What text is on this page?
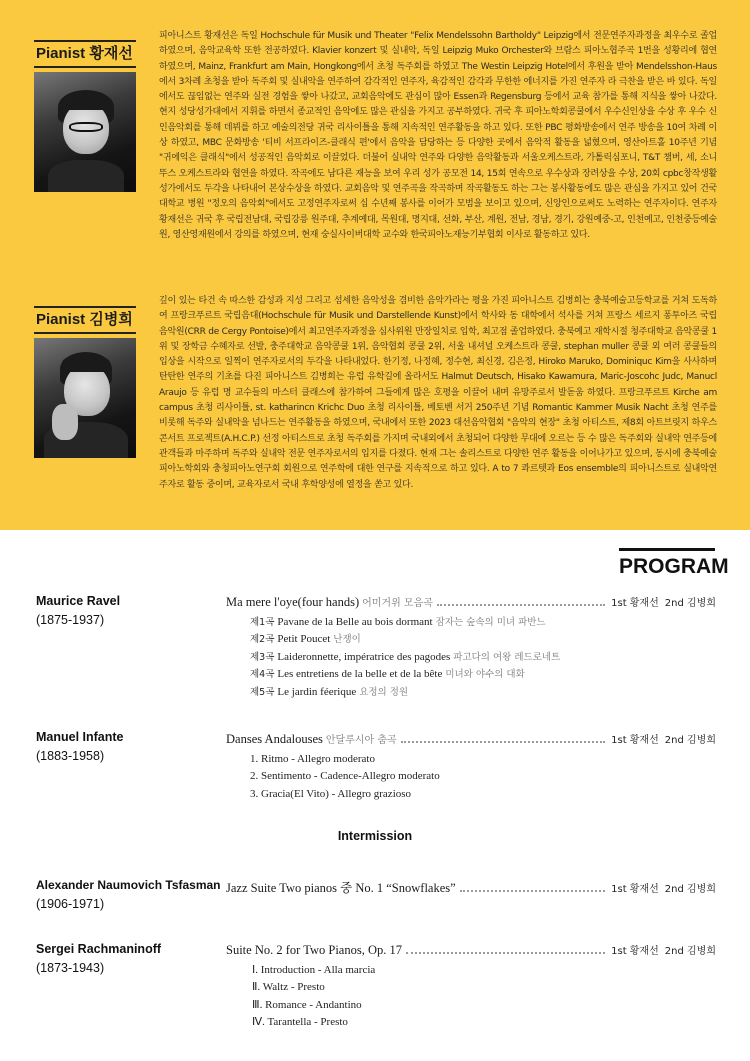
Pianist 황재선
피아니스트 황재선은 독일 Hochschule für Musik und Theater "Felix Mendelssohn Bartholdy" Leipzig에서 전문연주자과정을 최우수로 졸업하였으며, 음악교육학 또한 전공하였다. Klavier konzert 및 실내악, 독일 Leipzig Muko Orchester와 브람스 피아노협주곡 1번을 성황리에 협연 하였으며, Mainz, Frankfurt am Main, Hongkong에서 초청 독주회를 하였고 The Westin Leipzig Hotel에서 후원을 받아 Mendelsshon-Haus에서 3차례 초청을 받아 독주회 및 실내악을 연주하여 감각적인 연주자, 육감적인 감각과 무한한 에너지를 가진 연주자 라 극찬을 받은 바 있다. 독일에서도 끊임없는 연주와 실전 경험을 쌓아 나갔고, 교회음악에도 관심이 많아 Essen과 Regensburg 등에서 교육 참가를 통해 지식을 쌓아 나갔다. 현지 성당성가대에서 지휘를 하면서 종교적인 음악에도 많은 관심을 가지고 공부하였다. 귀국 후 피아노학회콩쿨에서 우수신인상을 수상 후 우수 신인음악회를 통해 데뷔를 하고 예술의전당 귀국 리사이틀을 통해 지속적인 연주활동을 하고 있다. 또한 PBC 평화방송에서 연주 방송을 10여 차례 이상 하였고, MBC 문화방송 '티비 서프라이즈-클래식 편'에서 음악을 담당하는 등 다양한 곳에서 음악적 활동을 넓혔으며, 영산아트홀 10주년 기념 "귀에익은 클래식"에서 성공적인 음악회로 이끌었다. 더불어 실내악 연주와 다양한 음악활동과 서울오케스트라, 가톨릭심포니, T&T 챔버, 세, 소니뚜스 오케스트라와 협연을 하였다. 작곡에도 남다른 재능을 보여 우리 성가 공모전 14, 15회 연속으로 우수상과 장려상을 수상, 20회 cpbc창작생활성가에서도 두각을 나타내어 본상수상을 하였다. 교회음악 및 연주곡을 작곡하며 작곡활동도 하는 그는 봉사활동에도 많은 관심을 가지고 있어 건국대학교 병원 "정오의 음악회"에서도 고정연주자로써 십 수년째 봉사를 이어가 모범을 보이고 있으며, 신앙인으로써도 노력하는 연주자이다. 연주자 황재선은 귀국 후 국립전남대, 국립강릉 원주대, 추계예대, 목원대, 명지대, 선화, 부산, 계원, 전남, 경남, 경기, 강원예중-고, 인천예고, 인천중등예술원, 영산영재원에서 강의를 하였으며, 현재 숭실사이버대학 교수와 한국피아노재능기부협회 이사로 활동하고 있다.
Pianist 김병희
깊이 있는 타건 속 따스한 감성과 지성 그리고 섬세한 음악성을 겸비한 음악가라는 평을 가진 피아니스트 김병희는 충북예술고등학교를 거쳐 도독하여 프랑크푸르트 국립음대(Hochschule für Musik und Darstellende Kunst)에서 학사와 동 대학에서 석사를 거쳐 프랑스 세르지 퐁투아즈 국립 음악원(CRR de Cergy Pontoise)에서 최고연주자과정을 심사위원 만장일치로 입학, 최고점 졸업하였다. 충북예고 재학시절 청주대학교 음악콩쿨 1위 및 장학금 수혜자로 선발, 충주대학교 음악콩쿨 1위, 음악협회 콩쿨 2위, 서울 내셔널 오케스트라 콩쿨, stephan muller 콩쿨 외 여러 콩쿨들의 입상을 시작으로 일찍이 연주자로서의 두각을 나타내었다. 한기정, 나정혜, 정수현, 최신경, 김은정, Hiroko Maruko, Dominiquc Kim을 사사하며 탄탄한 연주의 기초를 다진 피아니스트 김병희는 유럽 유학길에 올라서도 Halmut Deutsch, Hisako Kawamura, Maric-Joscohc Judc, Manucl Araujo 등 유럽 명 교수들의 마스터 클래스에 참가하여 그들에게 많은 호평을 이끌어 내며 유망주로서 발돋움 하였다. 프랑크푸르트 Kirche am campus 초청 리사이틀, st. katharincn Krichc Duo 초청 리사이틀, 베토벤 서거 250주년 기념 Romantic Kammer Musik Nacht 초청 연주를 비롯해 독주와 실내악을 넘나드는 연주활동을 하였으며, 국내에서 또한 2023 대선음악협회 "음악의 현장" 초청 아티스트, 제8회 아트브릿지 하우스콘서트 프로젝트(A.H.C.P.) 선정 아티스트로 초청 독주회를 가지며 국내외에서 초청되어 다양한 무대에 오르는 등 수 많은 독주회와 실내악 연주등에 관객들과 마주하며 독주와 실내악 전문 연주자로서의 입지를 다졌다. 현재 그는 솔리스트로 다양한 연주 활동을 이어나가고 있으며, 동시에 충북예술피아노학회와 충청피아노연구회 회원으로 연주학에 대한 연구를 지속적으로 하고 있다. A to 7 콰르텟과 Eos ensemble의 피아니스트로 실내악연주자로 활동 중이며, 교육자로서 국내 후학양성에 열정을 쏟고 있다.
PROGRAM
Maurice Ravel
(1875-1937)
Ma mere l'oye(four hands) 어미거위 모음곡	1st 황재선 2nd 김병희
제1곡 Pavane de la Belle au bois dormant 잠자는 숲속의 미녀 파반느
제2곡 Petit Poucet 난쟁이
제3곡 Laideronnette, impératrice des pagodes 파고다의 여왕 레드로네트
제4곡 Les entretiens de la belle et de la bête 미녀와 야수의 대화
제5곡 Le jardin féerique 요정의 정원
Manuel Infante
(1883-1958)
Danses Andalouses 안달루시아 춤곡	1st 황재선 2nd 김병희
1. Ritmo - Allegro moderato
2. Sentimento - Cadence-Allegro moderato
3. Gracia(El Vito) - Allegro grazioso
Intermission
Alexander Naumovich Tsfasman
(1906-1971)
Jazz Suite Two pianos 중 No. 1 “Snowflakes”	1st 황재선 2nd 김병희
Sergei Rachmaninoff
(1873-1943)
Suite No. 2 for Two Pianos, Op. 17	1st 황재선 2nd 김병희
Ⅰ. Introduction - Alla marcia
Ⅱ. Waltz - Presto
Ⅲ. Romance - Andantino
Ⅳ. Tarantella - Presto
